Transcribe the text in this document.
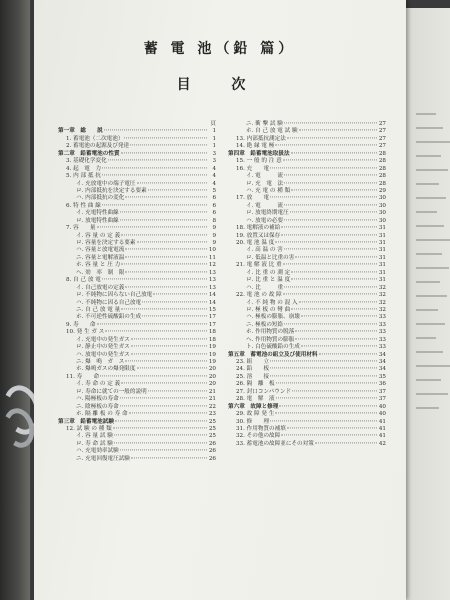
蓄 電 池（鉛 篇）
目 次
頁
第一章　総　　説	1
1. 蓄電池（二次電池）	1
2. 蓄電池の起源及び発達	1
第二章　鉛蓄電池の性質	3
3. 基礎化学変化	3
4. 起　電　力	4
5. 内 部 抵 抗	4
イ. 充放電中の端子電圧	4
ロ. 内部抵抗を決定する要素	5
ハ. 内部抵抗の変化	6
6. 特 性 曲 線	6
イ. 充電特性曲線	6
ロ. 放電特性曲線	8
7. 容　　量	9
イ. 容 量 の 定 義	9
ロ. 容量を決定する要素	9
ハ. 容量と放電電流	10
ニ. 容量と電解液温	11
ホ. 容 量 と 圧 力	12
ヘ. 効　率　制　限	13
8. 自 己 放 電	13
イ. 自己放電の定義	13
ロ. 不純物に因らない自己放電	14
ハ. 不純物に因る自己放電	14
ニ. 自 己 放 電 量	15
ホ. 不可逆性硫酸鉛の生成	17
9. 寿　　命	17
10. 発 生 ガ ス	18
イ. 充電中の発生ガス	18
ロ. 静止中の発生ガス	19
ハ. 放電中の発生ガス	19
ニ. 爆　鳴　ガ　ス	19
ホ. 爆鳴ガスの爆発限度	20
11. 寿　　命	20
イ. 寿 命 の 定 義	20
ロ. 寿命に就ての一般的説明	21
ハ. 陽極板の寿命	21
ニ. 陰極板の寿命	22
ホ. 隔 離 板 の 寿 命	23
第三章　鉛蓄電池試験	25
12. 試 験 の 種 類	25
イ. 容 量 試 験	25
ロ. 寿 命 試 験	26
ハ. 充電効率試験	26
ニ. 充電回復電圧試験	26
ニ. 衝 撃 試 験	27
ホ. 自 己 放 電 試 験	27
13. 内部抵抗測定法	27
14. 絶 縁 電 極	27
第四章　鉛蓄電池取扱法	28
15. 一 般 的 注 意	28
16. 充　　電	28
イ. 電　　　流	28
ロ. 充　電　法	28
ハ. 充 電 の 種 類	29
17. 放　　電	30
イ. 電　　　流	30
ロ. 放電終期電圧	30
ハ. 放電の必要	30
18. 電解液の補給	31
19. 放置又は保存	31
20. 電 池 温 度	31
イ. 高 温 の 害	31
ロ. 低温と比重の害	31
21. 電 解 液 比 重	31
イ. 比 重 の 測 定	31
ロ. 比 重 と 温 度	31
ハ. 比　　　重	32
22. 電 池 の 故 障	32
イ. 不 純 物 の 混 入	32
ロ. 極 板 の 彎 曲	32
ハ. 極板の膨脹、崩壊	33
ニ. 極板の短絡	33
ホ. 作用物質の脱落	33
ヘ. 作用物質の膨脹	33
ト. 白色硫酸鉛の生成	33
第五章　蓄電池の組立及び使用材料	34
23. 組　　立	34
24. 鉛　　板	34
25. 溶　　接	35
26. 隔　離　板	36
27. 封口コンパウンド	37
28. 電　解　液	37
第六章　故障と修理	40
29. 故 障 発 生	40
30. 修　　理	41
31. 作用物質の補填	41
32. その他の故障	41
33. 蓄電池の故障並にその対策	42
